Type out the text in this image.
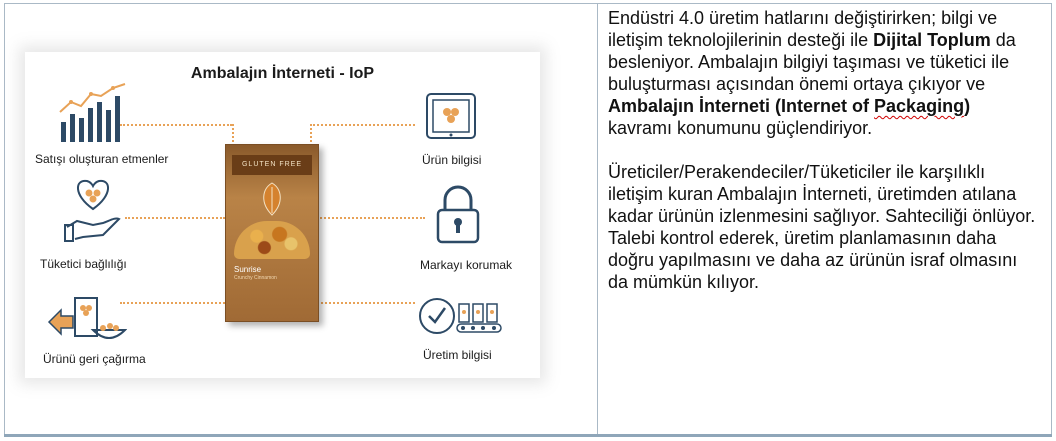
Ambalajın İnterneti - IoP
Satışı oluşturan etmenler
Tüketici bağlılığı
Ürünü geri çağırma
Ürün bilgisi
Markayı korumak
Üretim bilgisi
GLUTEN FREE
Sunrise
Crunchy Cinnamon

Endüstri 4.0 üretim hatlarını değiştirirken; bilgi ve iletişim teknolojilerinin desteği ile Dijital Toplum da besleniyor. Ambalajın bilgiyi taşıması ve tüketici ile buluşturması açısından önemi ortaya çıkıyor ve Ambalajın İnterneti (Internet of Packaging) kavramı konumunu güçlendiriyor.

Üreticiler/Perakendeciler/Tüketiciler ile karşılıklı iletişim kuran Ambalajın İnterneti, üretimden atılana kadar ürünün izlenmesini sağlıyor. Sahteciliği önlüyor. Talebi kontrol ederek, üretim planlamasının daha doğru yapılmasını ve daha az ürünün israf olmasını da mümkün kılıyor.
